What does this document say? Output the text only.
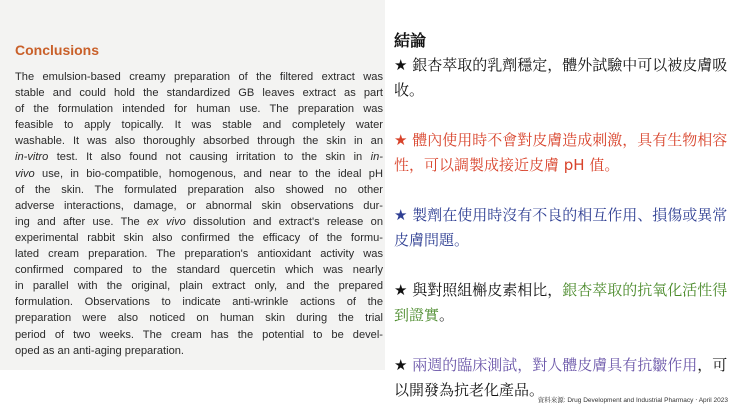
Conclusions
The emulsion-based creamy preparation of the filtered extract was
stable and could hold the standardized GB leaves extract as part
of the formulation intended for human use. The preparation was
feasible to apply topically. It was stable and completely water
washable. It was also thoroughly absorbed through the skin in an
in-vitro test. It also found not causing irritation to the skin in in-
vivo use, in bio-compatible, homogenous, and near to the ideal pH
of the skin. The formulated preparation also showed no other
adverse interactions, damage, or abnormal skin observations dur-
ing and after use. The ex vivo dissolution and extract's release on
experimental rabbit skin also confirmed the efficacy of the formu-
lated cream preparation. The preparation's antioxidant activity was
confirmed compared to the standard quercetin which was nearly
in parallel with the original, plain extract only, and the prepared
formulation. Observations to indicate anti-wrinkle actions of the
preparation were also noticed on human skin during the trial
period of two weeks. The cream has the potential to be devel-
oped as an anti-aging preparation.

結論

★ 銀杏萃取的乳劑穩定，體外試驗中可以被皮膚吸收。

★ 體內使用時不會對皮膚造成刺激，具有生物相容性，可以調製成接近皮膚 pH 值。

★ 製劑在使用時沒有不良的相互作用、損傷或異常皮膚問題。

★ 與對照組槲皮素相比，銀杏萃取的抗氧化活性得到證實。

★ 兩週的臨床測試，對人體皮膚具有抗皺作用，可以開發為抗老化產品。

資料來源: Drug Development and Industrial Pharmacy ‧ April 2023
